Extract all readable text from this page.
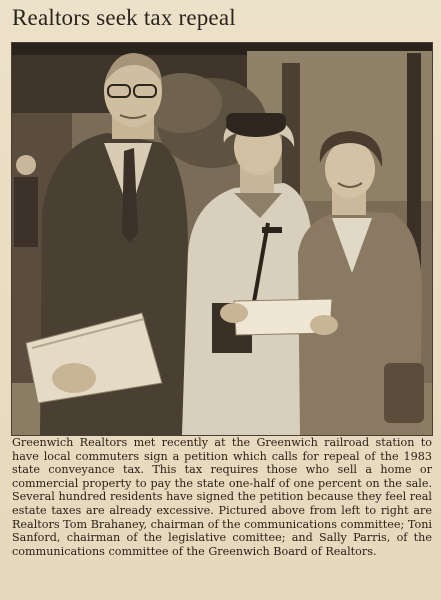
Realtors seek tax repeal
Greenwich Realtors met recently at the Greenwich railroad station to have local commuters sign a petition which calls for repeal of the 1983 state conveyance tax. This tax requires those who sell a home or commercial property to pay the state one-half of one percent on the sale. Several hundred residents have signed the petition because they feel real estate taxes are already excessive. Pictured above from left to right are Realtors Tom Brahaney, chairman of the communications committee; Toni Sanford, chairman of the legislative comittee; and Sally Parris, of the communications committee of the Greenwich Board of Realtors.
